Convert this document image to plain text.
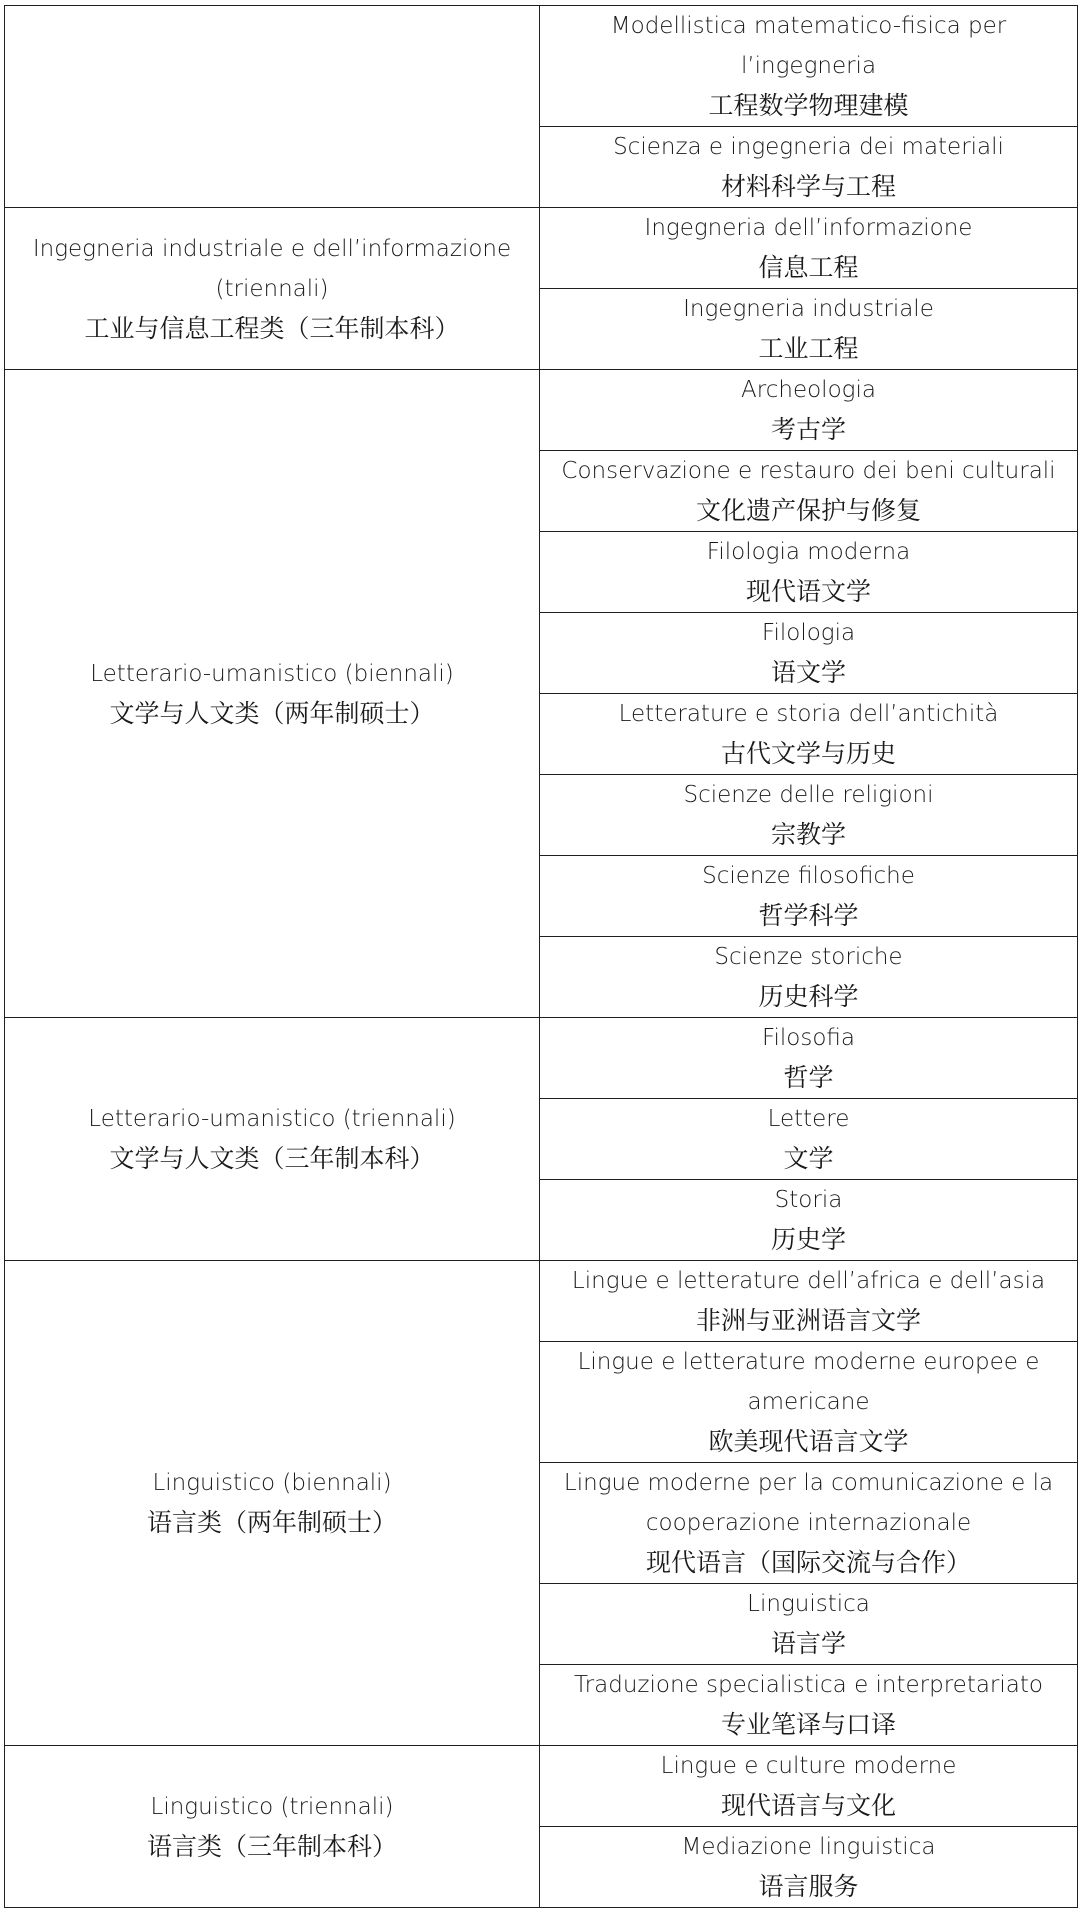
	Modellistica matematico-fisica per l’ingegneria
工程数学物理建模

	Scienza e ingegneria dei materiali
材料科学与工程

Ingegneria industriale e dell’informazione (triennali)
工业与信息工程类（三年制本科）	Ingegneria dell’informazione
信息工程

	Ingegneria industriale
工业工程

Letterario-umanistico (biennali)
文学与人文类（两年制硕士）	Archeologia
考古学

	Conservazione e restauro dei beni culturali
文化遗产保护与修复

	Filologia moderna
现代语文学

	Filologia
语文学

	Letterature e storia dell’antichità
古代文学与历史

	Scienze delle religioni
宗教学

	Scienze filosofiche
哲学科学

	Scienze storiche
历史科学

Letterario-umanistico (triennali)
文学与人文类（三年制本科）	Filosofia
哲学

	Lettere
文学

	Storia
历史学

Linguistico (biennali)
语言类（两年制硕士）	Lingue e letterature dell’africa e dell’asia
非洲与亚洲语言文学

	Lingue e letterature moderne europee e americane
欧美现代语言文学

	Lingue moderne per la comunicazione e la cooperazione internazionale
现代语言（国际交流与合作）

	Linguistica
语言学

	Traduzione specialistica e interpretariato
专业笔译与口译

Linguistico (triennali)
语言类（三年制本科）	Lingue e culture moderne
现代语言与文化

	Mediazione linguistica
语言服务
